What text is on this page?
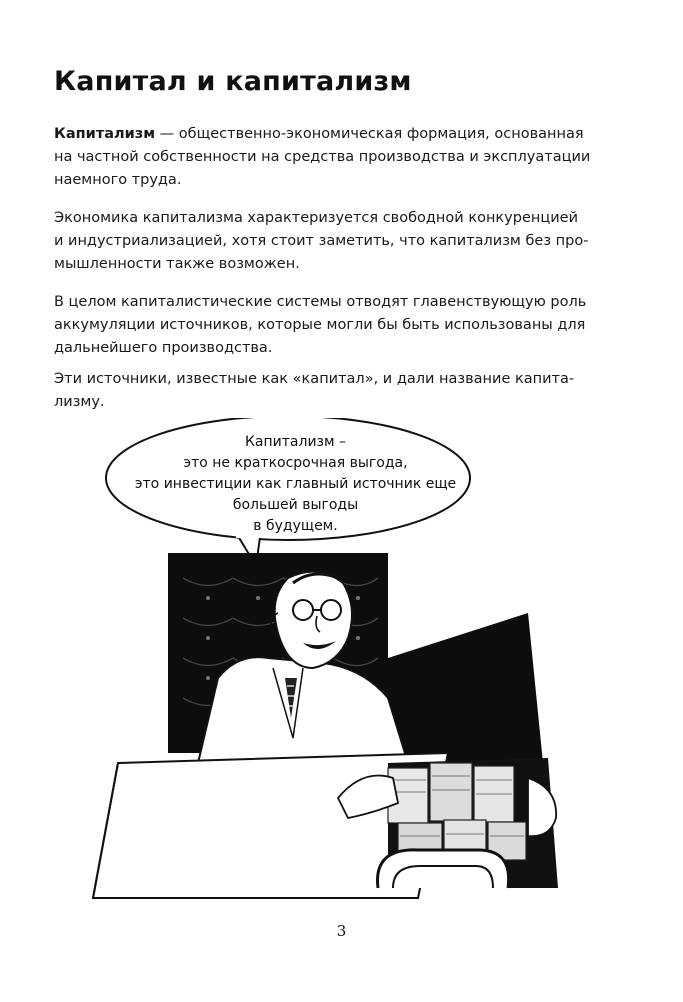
Капитал и капитализм
Капитализм — общественно-экономическая формация, основанная
на частной собственности на средства производства и эксплуатации
наемного труда.
Экономика капитализма характеризуется свободной конкуренцией
и индустриализацией, хотя стоит заметить, что капитализм без про-
мышленности также возможен.
В целом капиталистические системы отводят главенствующую роль
аккумуляции источников, которые могли бы быть использованы для
дальнейшего производства.
Эти источники, известные как «капитал», и дали название капита-
лизму.
Капитализм –
это не краткосрочная выгода,
это инвестиции как главный источник еще
большей выгоды
в будущем.
3
